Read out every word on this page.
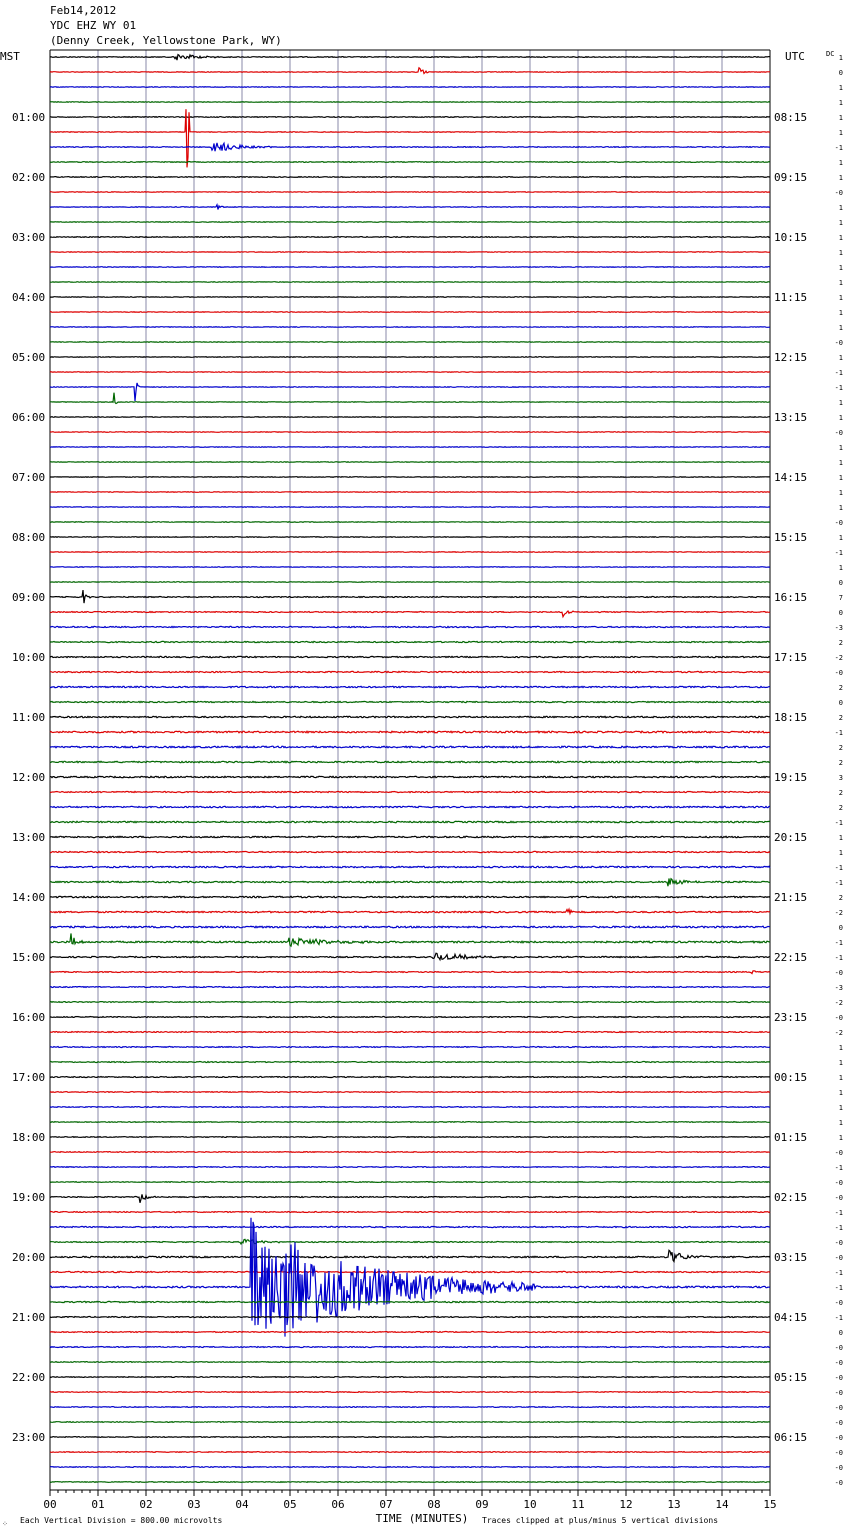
MST	UTC	DC
01:00
02:00
03:00
04:00
05:00
06:00
07:00
08:00
09:00
10:00
11:00
12:00
13:00
14:00
15:00
16:00
17:00
18:00
19:00
20:00
21:00
22:00
23:00
08:15
09:15
10:15
11:15
12:15
13:15
14:15
15:15
16:15
17:15
18:15
19:15
20:15
21:15
22:15
23:15
00:15
01:15
02:15
03:15
04:15
05:15
06:15
1
0
1
1
1
1
-1
1
1
-0
1
1
1
1
1
1
1
1
1
-0
1
-1
-1
1
1
-0
1
1
1
1
1
-0
1
-1
1
0
7
0
-3
2
-2
-0
2
0
2
-1
2
2
3
2
2
-1
1
1
-1
-1
2
-2
0
-1
-1
-0
-3
-2
-0
-2
1
1
1
1
1
1
1
-0
-1
-0
-0
-1
-1
-0
-0
-1
-1
-0
-1
0
-0
-0
-0
-0
-0
-0
-0
-0
-0
-0
00	01	02	03	04	05	06	07	08	09	10	11	12	13	14	15
TIME (MINUTES)
Each Vertical Division = 800.00 microvolts	Traces clipped at plus/minus 5 vertical divisions
⁘
Feb14,2012
YDC EHZ WY 01
(Denny Creek, Yellowstone Park, WY)
